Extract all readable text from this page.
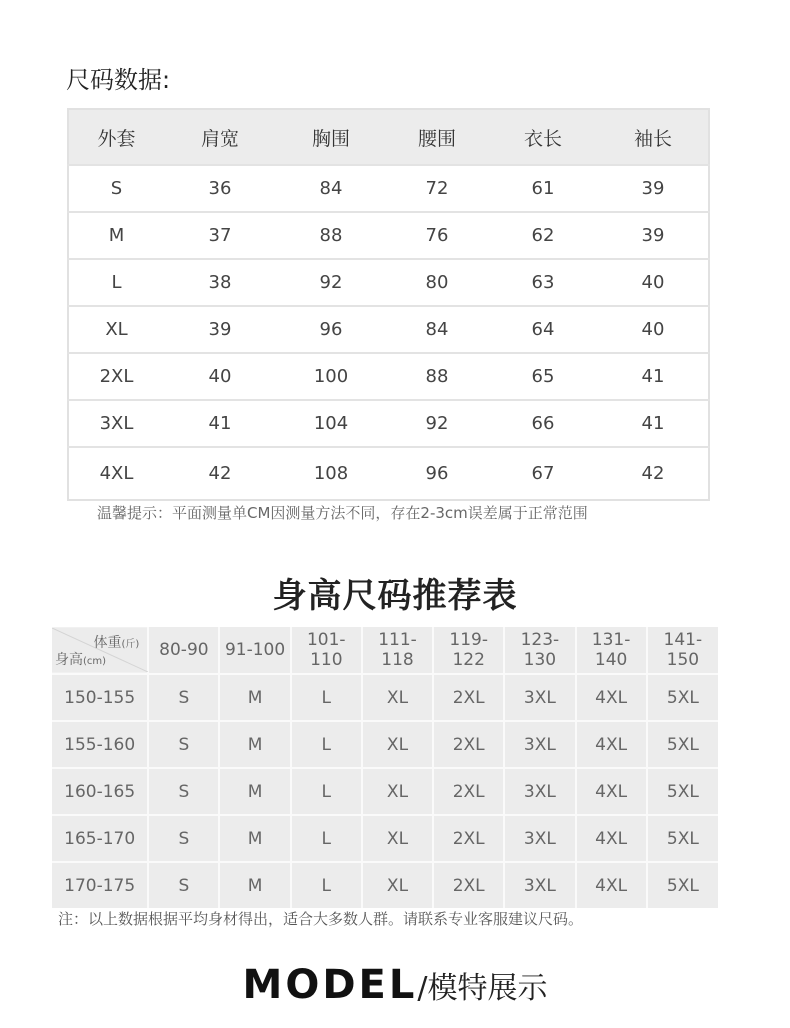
尺码数据:
外套	肩宽	胸围	腰围	衣长	袖长
S	36	84	72	61	39
M	37	88	76	62	39
L	38	92	80	63	40
XL	39	96	84	64	40
2XL	40	100	88	65	41
3XL	41	104	92	66	41
4XL	42	108	96	67	42
温馨提示：平面测量单CM因测量方法不同，存在2-3cm误差属于正常范围
身高尺码推荐表
体重(斤)
身高(cm)	80-90	91-100	101-110	111-118	119-122	123-130	131-140	141-150
150-155	S	M	L	XL	2XL	3XL	4XL	5XL
155-160	S	M	L	XL	2XL	3XL	4XL	5XL
160-165	S	M	L	XL	2XL	3XL	4XL	5XL
165-170	S	M	L	XL	2XL	3XL	4XL	5XL
170-175	S	M	L	XL	2XL	3XL	4XL	5XL
注：以上数据根据平均身材得出，适合大多数人群。请联系专业客服建议尺码。
MODEL/模特展示
